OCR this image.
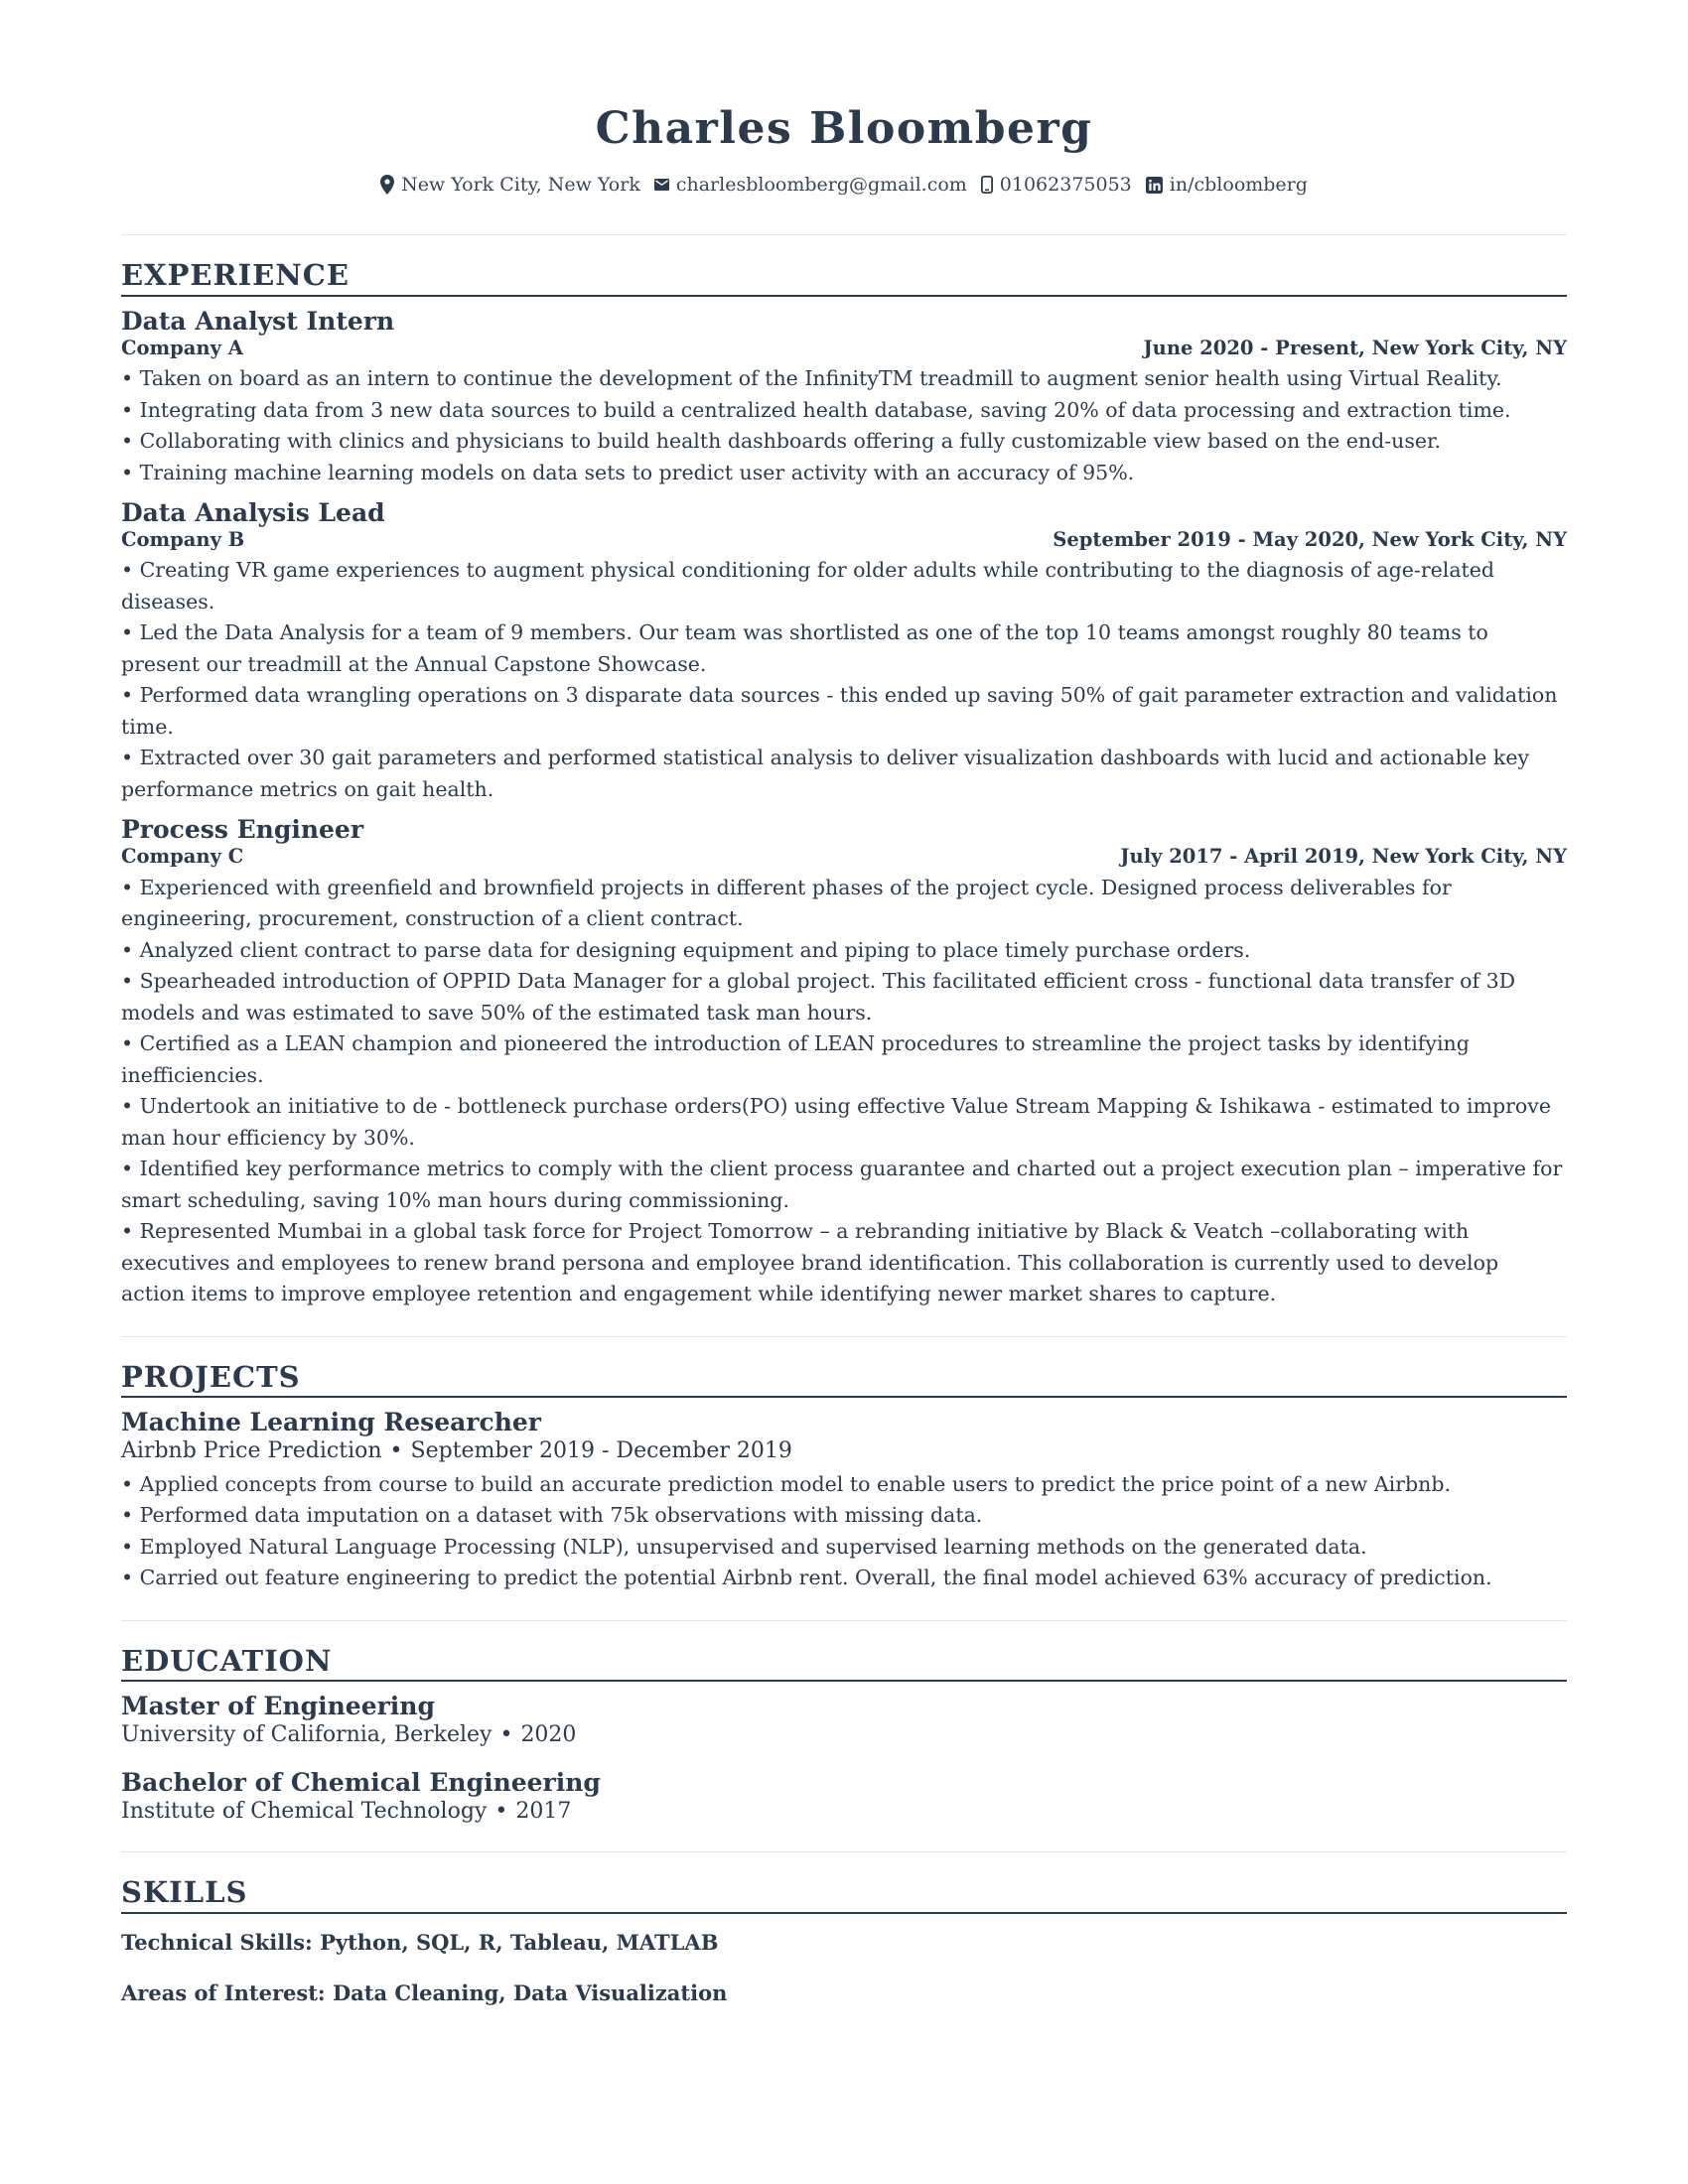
Charles Bloomberg
New York City, New York charlesbloomberg@gmail.com 01062375053 in/cbloomberg
EXPERIENCE
Data Analyst Intern
Company A	June 2020 - Present, New York City, NY
• Taken on board as an intern to continue the development of the InfinityTM treadmill to augment senior health using Virtual Reality.
• Integrating data from 3 new data sources to build a centralized health database, saving 20% of data processing and extraction time.
• Collaborating with clinics and physicians to build health dashboards offering a fully customizable view based on the end-user.
• Training machine learning models on data sets to predict user activity with an accuracy of 95%.
Data Analysis Lead
Company B	September 2019 - May 2020, New York City, NY
• Creating VR game experiences to augment physical conditioning for older adults while contributing to the diagnosis of age-related diseases.
• Led the Data Analysis for a team of 9 members. Our team was shortlisted as one of the top 10 teams amongst roughly 80 teams to present our treadmill at the Annual Capstone Showcase.
• Performed data wrangling operations on 3 disparate data sources - this ended up saving 50% of gait parameter extraction and validation time.
• Extracted over 30 gait parameters and performed statistical analysis to deliver visualization dashboards with lucid and actionable key performance metrics on gait health.
Process Engineer
Company C	July 2017 - April 2019, New York City, NY
• Experienced with greenfield and brownfield projects in different phases of the project cycle. Designed process deliverables for engineering, procurement, construction of a client contract.
• Analyzed client contract to parse data for designing equipment and piping to place timely purchase orders.
• Spearheaded introduction of OPPID Data Manager for a global project. This facilitated efficient cross - functional data transfer of 3D models and was estimated to save 50% of the estimated task man hours.
• Certified as a LEAN champion and pioneered the introduction of LEAN procedures to streamline the project tasks by identifying inefficiencies.
• Undertook an initiative to de - bottleneck purchase orders(PO) using effective Value Stream Mapping & Ishikawa - estimated to improve man hour efficiency by 30%.
• Identified key performance metrics to comply with the client process guarantee and charted out a project execution plan – imperative for smart scheduling, saving 10% man hours during commissioning.
• Represented Mumbai in a global task force for Project Tomorrow – a rebranding initiative by Black & Veatch –collaborating with executives and employees to renew brand persona and employee brand identification. This collaboration is currently used to develop action items to improve employee retention and engagement while identifying newer market shares to capture.
PROJECTS
Machine Learning Researcher
Airbnb Price Prediction • September 2019 - December 2019
• Applied concepts from course to build an accurate prediction model to enable users to predict the price point of a new Airbnb.
• Performed data imputation on a dataset with 75k observations with missing data.
• Employed Natural Language Processing (NLP), unsupervised and supervised learning methods on the generated data.
• Carried out feature engineering to predict the potential Airbnb rent. Overall, the final model achieved 63% accuracy of prediction.
EDUCATION
Master of Engineering
University of California, Berkeley • 2020
Bachelor of Chemical Engineering
Institute of Chemical Technology • 2017
SKILLS
Technical Skills: Python, SQL, R, Tableau, MATLAB
Areas of Interest: Data Cleaning, Data Visualization
